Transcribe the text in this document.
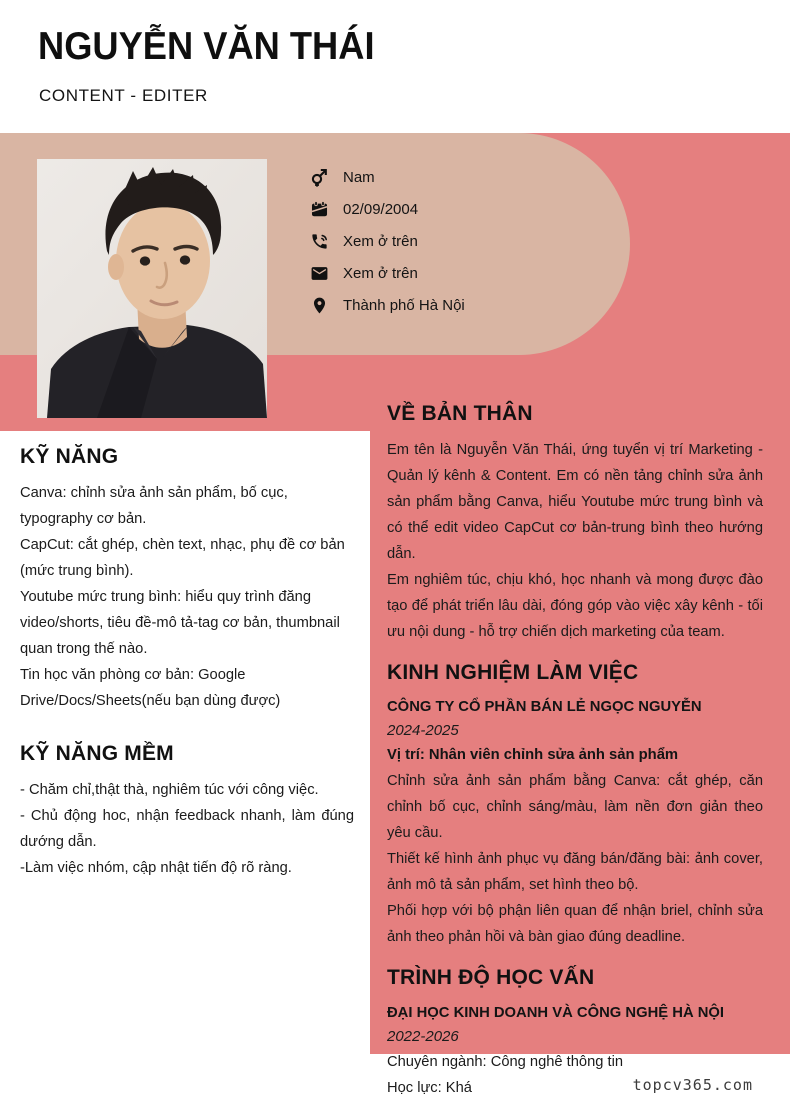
NGUYỄN VĂN THÁI
CONTENT - EDITER
Nam
02/09/2004
Xem ở trên
Xem ở trên
Thành phố Hà Nội
KỸ NĂNG

Canva: chỉnh sửa ảnh sản phẩm, bố cục, typography cơ bản.

CapCut: cắt ghép, chèn text, nhạc, phụ đề cơ bản (mức trung bình).

Youtube mức trung bình: hiểu quy trình đăng video/shorts, tiêu đề-mô tả-tag cơ bản, thumbnail quan trong thế nào.

Tin học văn phòng cơ bản: Google Drive/Docs/Sheets(nếu bạn dùng được)

KỸ NĂNG MỀM

- Chăm chỉ,thật thà, nghiêm túc với công việc.

- Chủ động hoc, nhận feedback nhanh, làm đúng dướng dẫn.

-Làm việc nhóm, cập nhật tiến độ rõ ràng.

VỀ BẢN THÂN

Em tên là Nguyễn Văn Thái, ứng tuyển vị trí Marketing - Quản lý kênh & Content. Em có nền tảng chỉnh sửa ảnh sản phẩm bằng Canva, hiểu Youtube mức trung bình và có thể edit video CapCut cơ bản-trung bình theo hướng dẫn.

Em nghiêm túc, chịu khó, học nhanh và mong được đào tạo để phát triển lâu dài, đóng góp vào việc xây kênh - tối ưu nội dung - hỗ trợ chiến dịch marketing của team.

KINH NGHIỆM LÀM VIỆC

CÔNG TY CỔ PHẦN BÁN LẺ NGỌC NGUYỄN

2024-2025

Vị trí: Nhân viên chỉnh sửa ảnh sản phẩm

Chỉnh sửa ảnh sản phẩm bằng Canva: cắt ghép, căn chỉnh bố cục, chỉnh sáng/màu, làm nền đơn giản theo yêu cầu.

Thiết kế hình ảnh phục vụ đăng bán/đăng bài: ảnh cover, ảnh mô tả sản phẩm, set hình theo bộ.

Phối hợp với bộ phận liên quan để nhận briel, chỉnh sửa ảnh theo phản hồi và bàn giao đúng deadline.

TRÌNH ĐỘ HỌC VẤN

ĐẠI HỌC KINH DOANH VÀ CÔNG NGHỆ HÀ NỘI

2022-2026

Chuyên ngành: Công nghê thông tin

Học lực: Khá	topcv365.com
